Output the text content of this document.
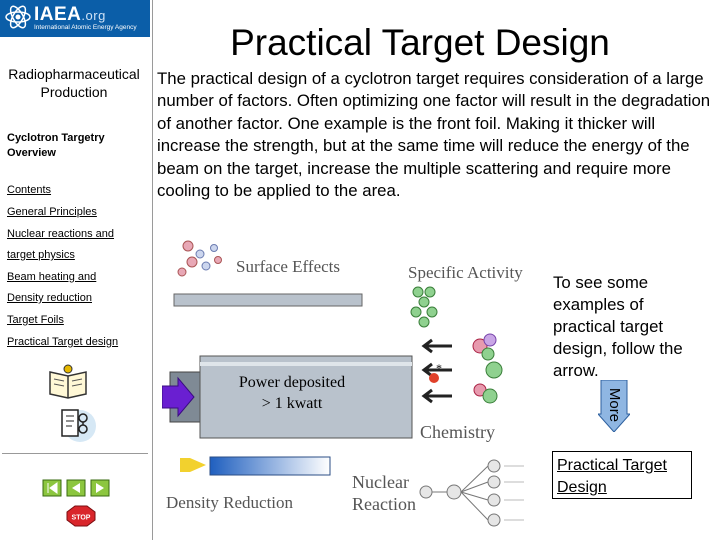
IAEA.org
International Atomic Energy Agency
Radiopharmaceutical Production
Cyclotron Targetry Overview
Contents
General Principles
Nuclear reactions and
target physics
Beam heating and
Density reduction
Target Foils
Practical Target design
STOP
Practical Target Design
The practical design of a cyclotron target requires consideration of a large number of factors. Often optimizing one factor will result in the degradation of another factor. One example is the front foil. Making it thicker will increase the strength, but at the same time will reduce the energy of the beam on the target, increase the multiple scattering and require more cooling to be applied to the area.
Surface Effects	Specific Activity
Power deposited
> 1 kwatt
*
Chemistry
Density Reduction
Nuclear
Reaction
To see some examples of practical target design, follow the arrow.
More
Practical Target Design
